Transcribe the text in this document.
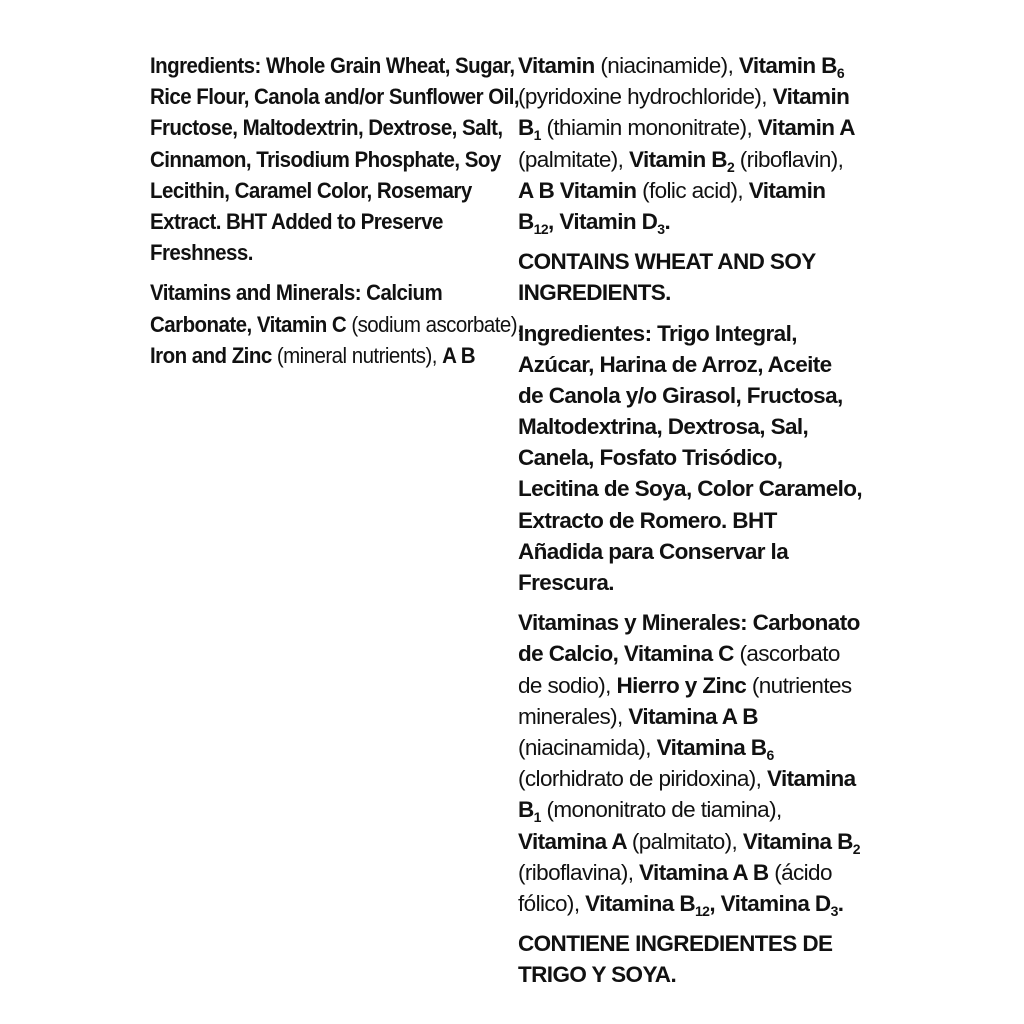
Ingredients: Whole Grain Wheat, Sugar,
Rice Flour, Canola and/or Sunflower Oil,
Fructose, Maltodextrin, Dextrose, Salt,
Cinnamon, Trisodium Phosphate, Soy
Lecithin, Caramel Color, Rosemary
Extract. BHT Added to Preserve
Freshness.
Vitamins and Minerals: Calcium
Carbonate, Vitamin C (sodium ascorbate),
Iron and Zinc (mineral nutrients), A B
Vitamin (niacinamide), Vitamin $B_6$
(pyridoxine hydrochloride), Vitamin
$B_1$ (thiamin mononitrate), Vitamin A
(palmitate), Vitamin $B_2$ (riboflavin),
A B Vitamin (folic acid), Vitamin
$B_{12}$, Vitamin $D_3$.
CONTAINS WHEAT AND SOY
INGREDIENTS.
Ingredientes: Trigo Integral,
Azúcar, Harina de Arroz, Aceite
de Canola y/o Girasol, Fructosa,
Maltodextrina, Dextrosa, Sal,
Canela, Fosfato Trisódico,
Lecitina de Soya, Color Caramelo,
Extracto de Romero. BHT
Añadida para Conservar la
Frescura.
Vitaminas y Minerales: Carbonato
de Calcio, Vitamina C (ascorbato
de sodio), Hierro y Zinc (nutrientes
minerales), Vitamina A B
(niacinamida), Vitamina $B_6$
(clorhidrato de piridoxina), Vitamina
$B_1$ (mononitrato de tiamina),
Vitamina A (palmitato), Vitamina $B_2$
(riboflavina), Vitamina A B (ácido
fólico), Vitamina $B_{12}$, Vitamina $D_3$.
CONTIENE INGREDIENTES DE
TRIGO Y SOYA.
